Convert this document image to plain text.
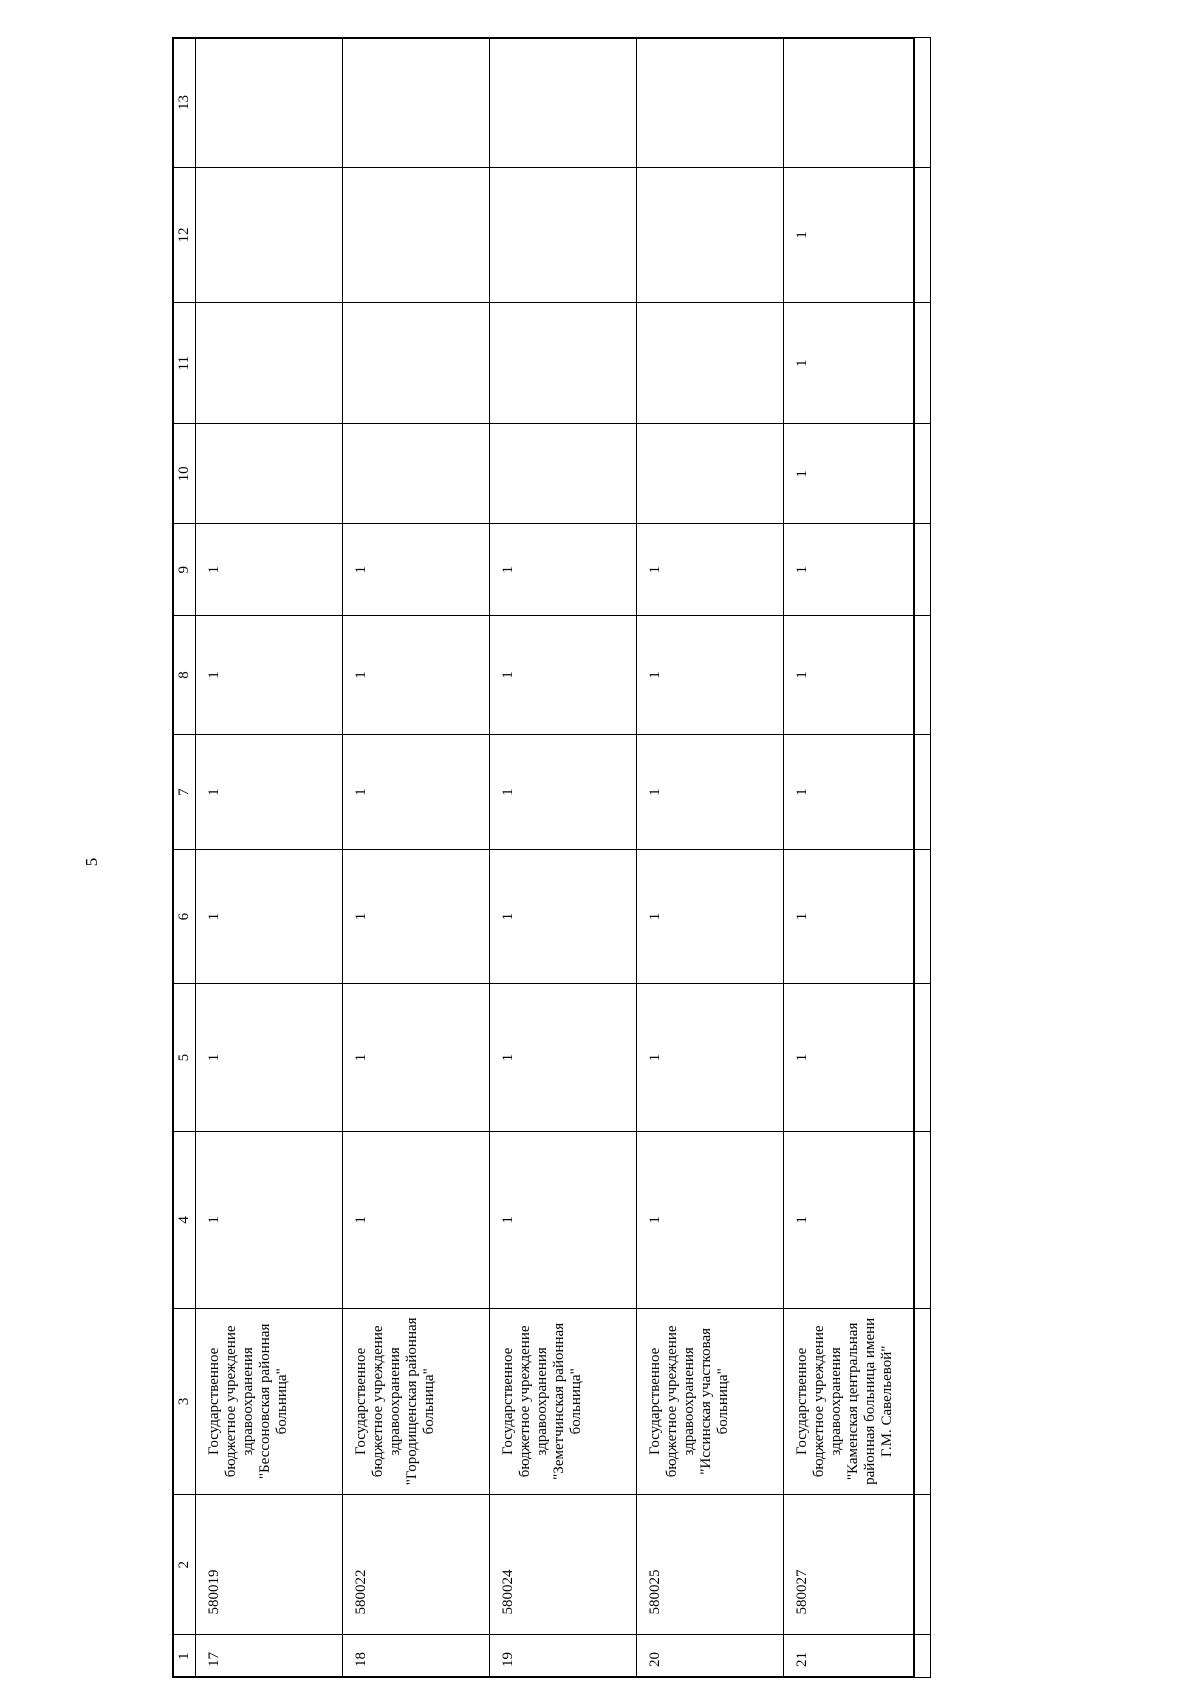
5
1	2	3	4	5	6	7	8	9	10	11	12	13
17	580019	Государственное бюджетное учреждение здравоохранения "Бессоновская районная больница"	1	1	1	1	1	1				
18	580022	Государственное бюджетное учреждение здравоохранения "Городищенская районная больница"	1	1	1	1	1	1				
19	580024	Государственное бюджетное учреждение здравоохранения "Земетчинская районная больница"	1	1	1	1	1	1				
20	580025	Государственное бюджетное учреждение здравоохранения "Иссинская участковая больница"	1	1	1	1	1	1				
21	580027	Государственное бюджетное учреждение здравоохранения "Каменская центральная районная больница имени Г.М. Савельевой"	1	1	1	1	1	1	1	1	1	
